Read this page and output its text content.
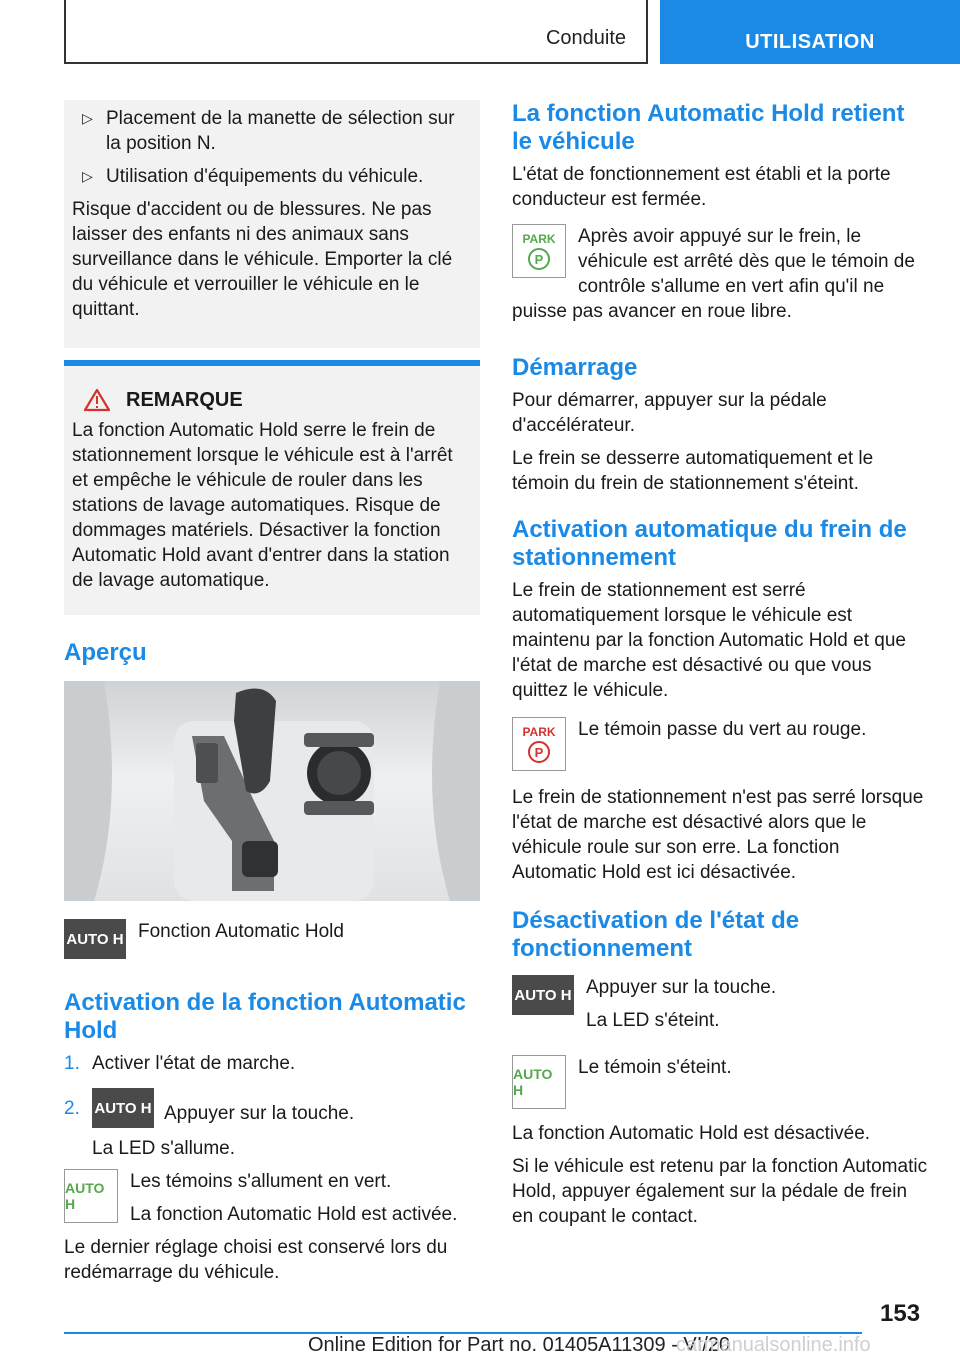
Conduite	UTILISATION
▷ Placement de la manette de sélection sur la position N.
▷ Utilisation d'équipements du véhicule.

Risque d'accident ou de blessures. Ne pas laisser des enfants ni des animaux sans surveillance dans le véhicule. Emporter la clé du véhicule et verrouiller le véhicule en le quittant.

REMARQUE

La fonction Automatic Hold serre le frein de stationnement lorsque le véhicule est à l'arrêt et empêche le véhicule de rouler dans les stations de lavage automatiques. Risque de dommages matériels. Désactiver la fonction Automatic Hold avant d'entrer dans la station de lavage automatique.

Aperçu
AUTO H Fonction Automatic Hold
Activation de la fonction Automatic Hold
1. Activer l'état de marche.
2. AUTO H Appuyer sur la touche.

La LED s'allume.

AUTO H

Les témoins s'allument en vert.

La fonction Automatic Hold est activée.

Le dernier réglage choisi est conservé lors du redémarrage du véhicule.

La fonction Automatic Hold retient le véhicule

L'état de fonctionnement est établi et la porte conducteur est fermée.

PARK
P

Après avoir appuyé sur le frein, le véhicule est arrêté dès que le témoin de contrôle s'allume en vert afin qu'il ne puisse pas avancer en roue libre.

Démarrage

Pour démarrer, appuyer sur la pédale d'accélérateur.

Le frein se desserre automatiquement et le témoin du frein de stationnement s'éteint.

Activation automatique du frein de stationnement

Le frein de stationnement est serré automatiquement lorsque le véhicule est maintenu par la fonction Automatic Hold et que l'état de marche est désactivé ou que vous quittez le véhicule.

PARK
P
Le témoin passe du vert au rouge.

Le frein de stationnement n'est pas serré lorsque l'état de marche est désactivé alors que le véhicule roule sur son erre. La fonction Automatic Hold est ici désactivée.

Désactivation de l'état de fonctionnement
AUTO H Appuyer sur la touche.

La LED s'éteint.

AUTO H
Le témoin s'éteint.

La fonction Automatic Hold est désactivée.

Si le véhicule est retenu par la fonction Automatic Hold, appuyer également sur la pédale de frein en coupant le contact.

153
Online Edition for Part no. 01405A11309 - VI/20
carmanualsonline.info
